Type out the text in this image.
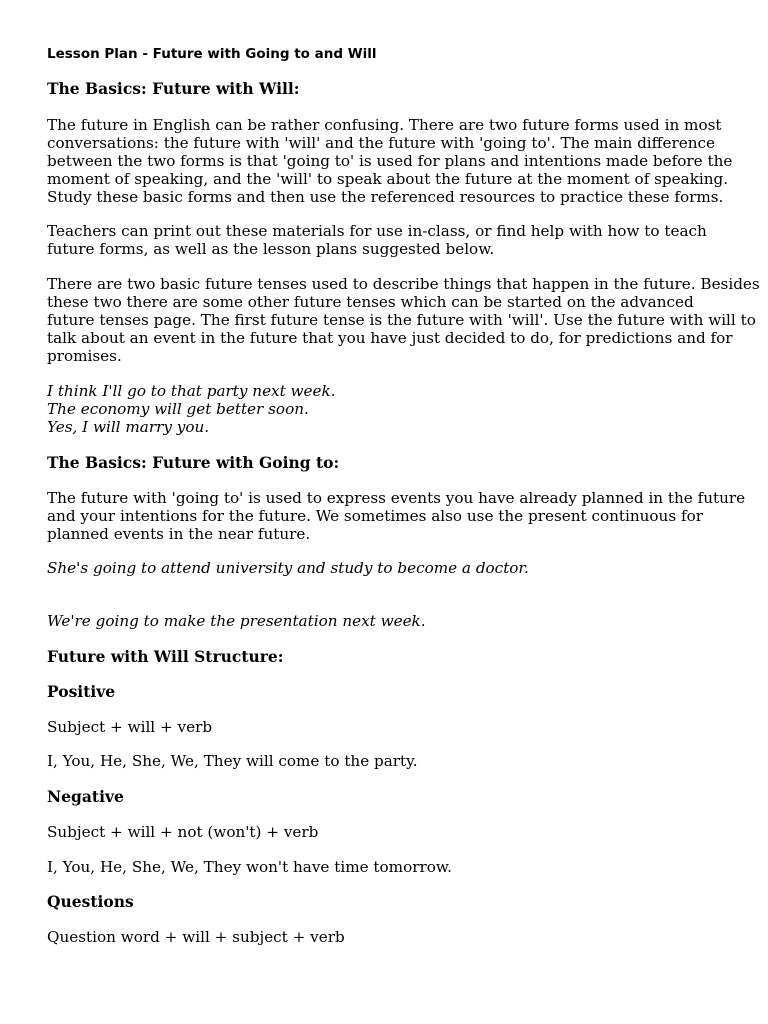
Lesson Plan - Future with Going to and Will
The Basics: Future with Will:
The future in English can be rather confusing. There are two future forms used in most
conversations: the future with 'will' and the future with 'going to'. The main difference
between the two forms is that 'going to' is used for plans and intentions made before the
moment of speaking, and the 'will' to speak about the future at the moment of speaking.
Study these basic forms and then use the referenced resources to practice these forms.
Teachers can print out these materials for use in-class, or find help with how to teach
future forms, as well as the lesson plans suggested below.
There are two basic future tenses used to describe things that happen in the future. Besides
these two there are some other future tenses which can be started on the advanced
future tenses page. The first future tense is the future with 'will'. Use the future with will to
talk about an event in the future that you have just decided to do, for predictions and for
promises.
I think I'll go to that party next week.
The economy will get better soon.
Yes, I will marry you.
The Basics: Future with Going to:
The future with 'going to' is used to express events you have already planned in the future
and your intentions for the future. We sometimes also use the present continuous for
planned events in the near future.
She's going to attend university and study to become a doctor.
We're going to make the presentation next week.
Future with Will Structure:
Positive
Subject + will + verb
I, You, He, She, We, They will come to the party.
Negative
Subject + will + not (won't) + verb
I, You, He, She, We, They won't have time tomorrow.
Questions
Question word + will + subject + verb
